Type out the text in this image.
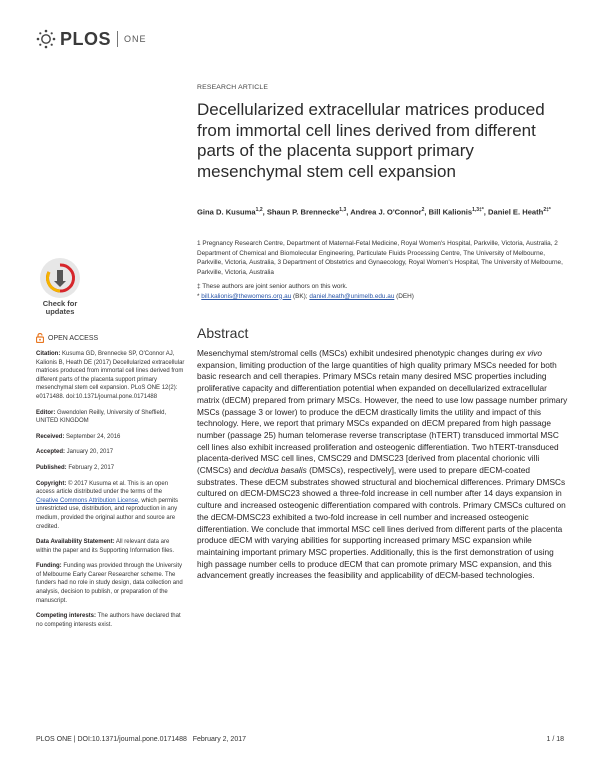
PLOS ONE
RESEARCH ARTICLE
Decellularized extracellular matrices produced from immortal cell lines derived from different parts of the placenta support primary mesenchymal stem cell expansion
Gina D. Kusuma$^{1,2}$, Shaun P. Brennecke$^{1,3}$, Andrea J. O'Connor$^2$, Bill Kalionis$^{1,3\ddagger*}$, Daniel E. Heath$^{2\ddagger*}$
1 Pregnancy Research Centre, Department of Maternal-Fetal Medicine, Royal Women's Hospital, Parkville, Victoria, Australia, 2 Department of Chemical and Biomolecular Engineering, Particulate Fluids Processing Centre, The University of Melbourne, Parkville, Victoria, Australia, 3 Department of Obstetrics and Gynaecology, Royal Women's Hospital, The University of Melbourne, Parkville, Victoria, Australia
‡ These authors are joint senior authors on this work.
* bill.kalionis@thewomens.org.au (BK); daniel.heath@unimelb.edu.au (DEH)
Abstract
Mesenchymal stem/stromal cells (MSCs) exhibit undesired phenotypic changes during ex vivo expansion, limiting production of the large quantities of high quality primary MSCs needed for both basic research and cell therapies. Primary MSCs retain many desired MSC properties including proliferative capacity and differentiation potential when expanded on decellularized extracellular matrix (dECM) prepared from primary MSCs. However, the need to use low passage number primary MSCs (passage 3 or lower) to produce the dECM drastically limits the utility and impact of this technology. Here, we report that primary MSCs expanded on dECM prepared from high passage number (passage 25) human telomerase reverse transcriptase (hTERT) transduced immortal MSC cell lines also exhibit increased proliferation and osteogenic differentiation. Two hTERT-transduced placenta-derived MSC cell lines, CMSC29 and DMSC23 [derived from placental chorionic villi (CMSCs) and decidua basalis (DMSCs), respectively], were used to prepare dECM-coated substrates. These dECM substrates showed structural and biochemical differences. Primary DMSCs cultured on dECM-DMSC23 showed a three-fold increase in cell number after 14 days expansion in culture and increased osteogenic differentiation compared with controls. Primary CMSCs cultured on the dECM-DMSC23 exhibited a two-fold increase in cell number and increased osteogenic differentiation. We conclude that immortal MSC cell lines derived from different parts of the placenta produce dECM with varying abilities for supporting increased primary MSC expansion while maintaining important primary MSC properties. Additionally, this is the first demonstration of using high passage number cells to produce dECM that can promote primary MSC expansion, and this advancement greatly increases the feasibility and applicability of dECM-based technologies.
Check for
updates
OPEN ACCESS
Citation: Kusuma GD, Brennecke SP, O'Connor AJ, Kalionis B, Heath DE (2017) Decellularized extracellular matrices produced from immortal cell lines derived from different parts of the placenta support primary mesenchymal stem cell expansion. PLoS ONE 12(2): e0171488. doi:10.1371/journal.pone.0171488
Editor: Gwendolen Reilly, University of Sheffield, UNITED KINGDOM
Received: September 24, 2016
Accepted: January 20, 2017
Published: February 2, 2017
Copyright: © 2017 Kusuma et al. This is an open access article distributed under the terms of the Creative Commons Attribution License, which permits unrestricted use, distribution, and reproduction in any medium, provided the original author and source are credited.
Data Availability Statement: All relevant data are within the paper and its Supporting Information files.
Funding: Funding was provided through the University of Melbourne Early Career Researcher scheme. The funders had no role in study design, data collection and analysis, decision to publish, or preparation of the manuscript.
Competing interests: The authors have declared that no competing interests exist.
PLOS ONE | DOI:10.1371/journal.pone.0171488   February 2, 2017	1 / 18
